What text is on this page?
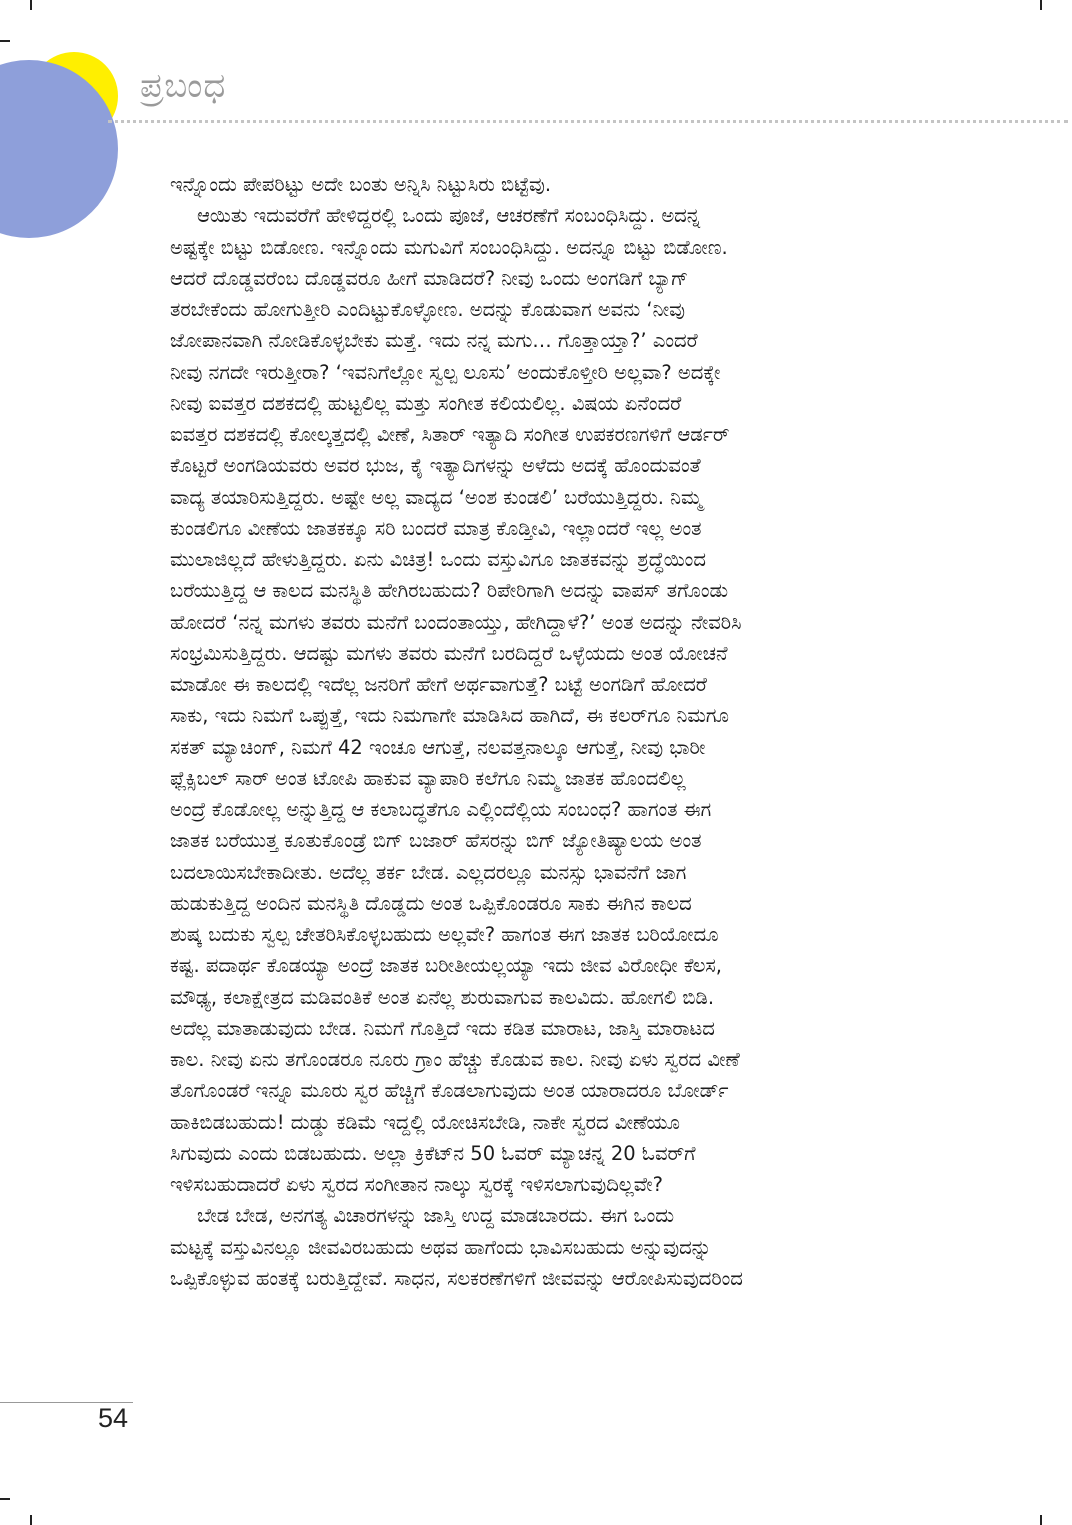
ಪ್ರಬಂಧ
ಇನ್ನೊಂದು ಪೇಪರಿಟ್ಟು ಅದೇ ಬಂತು ಅನ್ನಿಸಿ ನಿಟ್ಟುಸಿರು ಬಿಟ್ಟೆವು.
ಆಯಿತು ಇದುವರೆಗೆ ಹೇಳಿದ್ದರಲ್ಲಿ ಒಂದು ಪೂಜೆ, ಆಚರಣೆಗೆ ಸಂಬಂಧಿಸಿದ್ದು. ಅದನ್ನ
ಅಷ್ಟಕ್ಕೇ ಬಿಟ್ಟು ಬಿಡೋಣ. ಇನ್ನೊಂದು ಮಗುವಿಗೆ ಸಂಬಂಧಿಸಿದ್ದು. ಅದನ್ನೂ ಬಿಟ್ಟು ಬಿಡೋಣ.
ಆದರೆ ದೊಡ್ಡವರೆಂಬ ದೊಡ್ಡವರೂ ಹೀಗೆ ಮಾಡಿದರೆ? ನೀವು ಒಂದು ಅಂಗಡಿಗೆ ಬ್ಯಾಗ್
ತರಬೇಕೆಂದು ಹೋಗುತ್ತೀರಿ ಎಂದಿಟ್ಟುಕೊಳ್ಳೋಣ. ಅದನ್ನು ಕೊಡುವಾಗ ಅವನು ‘ನೀವು
ಜೋಪಾನವಾಗಿ ನೋಡಿಕೊಳ್ಳಬೇಕು ಮತ್ತೆ. ಇದು ನನ್ನ ಮಗು… ಗೊತ್ತಾಯ್ತಾ?’ ಎಂದರೆ
ನೀವು ನಗದೇ ಇರುತ್ತೀರಾ? ‘ಇವನಿಗೆಲ್ಲೋ ಸ್ವಲ್ಪ ಲೂಸು’ ಅಂದುಕೊಳ್ತೀರಿ ಅಲ್ಲವಾ? ಅದಕ್ಕೇ
ನೀವು ಐವತ್ತರ ದಶಕದಲ್ಲಿ ಹುಟ್ಟಲಿಲ್ಲ ಮತ್ತು ಸಂಗೀತ ಕಲಿಯಲಿಲ್ಲ. ವಿಷಯ ಏನೆಂದರೆ
ಐವತ್ತರ ದಶಕದಲ್ಲಿ ಕೋಲ್ಕತ್ತದಲ್ಲಿ ವೀಣೆ, ಸಿತಾರ್ ಇತ್ಯಾದಿ ಸಂಗೀತ ಉಪಕರಣಗಳಿಗೆ ಆರ್ಡರ್
ಕೊಟ್ಟರೆ ಅಂಗಡಿಯವರು ಅವರ ಭುಜ, ಕೈ ಇತ್ಯಾದಿಗಳನ್ನು ಅಳೆದು ಅದಕ್ಕೆ ಹೊಂದುವಂತೆ
ವಾದ್ಯ ತಯಾರಿಸುತ್ತಿದ್ದರು. ಅಷ್ಟೇ ಅಲ್ಲ ವಾದ್ಯದ ‘ಅಂಶ ಕುಂಡಲಿ’ ಬರೆಯುತ್ತಿದ್ದರು. ನಿಮ್ಮ
ಕುಂಡಲಿಗೂ ವೀಣೆಯ ಜಾತಕಕ್ಕೂ ಸರಿ ಬಂದರೆ ಮಾತ್ರ ಕೊಡ್ತೀವಿ, ಇಲ್ಲಾಂದರೆ ಇಲ್ಲ ಅಂತ
ಮುಲಾಜಿಲ್ಲದೆ ಹೇಳುತ್ತಿದ್ದರು. ಏನು ವಿಚಿತ್ರ! ಒಂದು ವಸ್ತುವಿಗೂ ಜಾತಕವನ್ನು ಶ್ರದ್ಧೆಯಿಂದ
ಬರೆಯುತ್ತಿದ್ದ ಆ ಕಾಲದ ಮನಸ್ಥಿತಿ ಹೇಗಿರಬಹುದು? ರಿಪೇರಿಗಾಗಿ ಅದನ್ನು ವಾಪಸ್ ತಗೊಂಡು
ಹೋದರೆ ‘ನನ್ನ ಮಗಳು ತವರು ಮನೆಗೆ ಬಂದಂತಾಯ್ತು, ಹೇಗಿದ್ದಾಳೆ?’ ಅಂತ ಅದನ್ನು ನೇವರಿಸಿ
ಸಂಭ್ರಮಿಸುತ್ತಿದ್ದರು. ಆದಷ್ಟು ಮಗಳು ತವರು ಮನೆಗೆ ಬರದಿದ್ದರೆ ಒಳ್ಳೆಯದು ಅಂತ ಯೋಚನೆ
ಮಾಡೋ ಈ ಕಾಲದಲ್ಲಿ ಇದೆಲ್ಲ ಜನರಿಗೆ ಹೇಗೆ ಅರ್ಥವಾಗುತ್ತೆ? ಬಟ್ಟೆ ಅಂಗಡಿಗೆ ಹೋದರೆ
ಸಾಕು, ಇದು ನಿಮಗೆ ಒಪ್ಪುತ್ತೆ, ಇದು ನಿಮಗಾಗೇ ಮಾಡಿಸಿದ ಹಾಗಿದೆ, ಈ ಕಲರ್‌ಗೂ ನಿಮಗೂ
ಸಕತ್ ಮ್ಯಾಚಿಂಗ್, ನಿಮಗೆ 42 ಇಂಚೂ ಆಗುತ್ತೆ, ನಲವತ್ತನಾಲ್ಕೂ ಆಗುತ್ತೆ, ನೀವು ಭಾರೀ
ಫ್ಲೆಕ್ಸಿಬಲ್ ಸಾರ್ ಅಂತ ಟೋಪಿ ಹಾಕುವ ವ್ಯಾಪಾರಿ ಕಲೆಗೂ ನಿಮ್ಮ ಜಾತಕ ಹೊಂದಲಿಲ್ಲ
ಅಂದ್ರೆ ಕೊಡೋಲ್ಲ ಅನ್ನುತ್ತಿದ್ದ ಆ ಕಲಾಬದ್ಧತೆಗೂ ಎಲ್ಲಿಂದೆಲ್ಲಿಯ ಸಂಬಂಧ? ಹಾಗಂತ ಈಗ
ಜಾತಕ ಬರೆಯುತ್ತ ಕೂತುಕೊಂಡ್ರೆ ಬಿಗ್ ಬಜಾರ್ ಹೆಸರನ್ನು ಬಿಗ್ ಜ್ಯೋತಿಷ್ಯಾಲಯ ಅಂತ
ಬದಲಾಯಿಸಬೇಕಾದೀತು. ಅದೆಲ್ಲ ತರ್ಕ ಬೇಡ. ಎಲ್ಲದರಲ್ಲೂ ಮನಸ್ಸು ಭಾವನೆಗೆ ಜಾಗ
ಹುಡುಕುತ್ತಿದ್ದ ಅಂದಿನ ಮನಸ್ಥಿತಿ ದೊಡ್ಡದು ಅಂತ ಒಪ್ಪಿಕೊಂಡರೂ ಸಾಕು ಈಗಿನ ಕಾಲದ
ಶುಷ್ಕ ಬದುಕು ಸ್ವಲ್ಪ ಚೇತರಿಸಿಕೊಳ್ಳಬಹುದು ಅಲ್ಲವೇ? ಹಾಗಂತ ಈಗ ಜಾತಕ ಬರಿಯೋದೂ
ಕಷ್ಟ. ಪದಾರ್ಥ ಕೊಡಯ್ಯಾ ಅಂದ್ರೆ ಜಾತಕ ಬರೀತೀಯಲ್ಲಯ್ಯಾ ಇದು ಜೀವ ವಿರೋಧೀ ಕೆಲಸ,
ಮೌಢ್ಯ, ಕಲಾಕ್ಷೇತ್ರದ ಮಡಿವಂತಿಕೆ ಅಂತ ಏನೆಲ್ಲ ಶುರುವಾಗುವ ಕಾಲವಿದು. ಹೋಗಲಿ ಬಿಡಿ.
ಅದೆಲ್ಲ ಮಾತಾಡುವುದು ಬೇಡ. ನಿಮಗೆ ಗೊತ್ತಿದೆ ಇದು ಕಡಿತ ಮಾರಾಟ, ಜಾಸ್ತಿ ಮಾರಾಟದ
ಕಾಲ. ನೀವು ಏನು ತಗೊಂಡರೂ ನೂರು ಗ್ರಾಂ ಹೆಚ್ಚು ಕೊಡುವ ಕಾಲ. ನೀವು ಏಳು ಸ್ವರದ ವೀಣೆ
ತೊಗೊಂಡರೆ ಇನ್ನೂ ಮೂರು ಸ್ವರ ಹೆಚ್ಚಿಗೆ ಕೊಡಲಾಗುವುದು ಅಂತ ಯಾರಾದರೂ ಬೋರ್ಡ್
ಹಾಕಿಬಿಡಬಹುದು! ದುಡ್ಡು ಕಡಿಮೆ ಇದ್ದಲ್ಲಿ ಯೋಚಿಸಬೇಡಿ, ನಾಕೇ ಸ್ವರದ ವೀಣೆಯೂ
ಸಿಗುವುದು ಎಂದು ಬಿಡಬಹುದು. ಅಲ್ಲಾ ಕ್ರಿಕೆಟ್‌ನ 50 ಓವರ್ ಮ್ಯಾಚನ್ನ 20 ಓವರ್‌ಗೆ
ಇಳಿಸಬಹುದಾದರೆ ಏಳು ಸ್ವರದ ಸಂಗೀತಾನ ನಾಲ್ಕು ಸ್ವರಕ್ಕೆ ಇಳಿಸಲಾಗುವುದಿಲ್ಲವೇ?
ಬೇಡ ಬೇಡ, ಅನಗತ್ಯ ವಿಚಾರಗಳನ್ನು ಜಾಸ್ತಿ ಉದ್ದ ಮಾಡಬಾರದು. ಈಗ ಒಂದು
ಮಟ್ಟಕ್ಕೆ ವಸ್ತುವಿನಲ್ಲೂ ಜೀವವಿರಬಹುದು ಅಥವ ಹಾಗೆಂದು ಭಾವಿಸಬಹುದು ಅನ್ನುವುದನ್ನು
ಒಪ್ಪಿಕೊಳ್ಳುವ ಹಂತಕ್ಕೆ ಬರುತ್ತಿದ್ದೇವೆ. ಸಾಧನ, ಸಲಕರಣೆಗಳಿಗೆ ಜೀವವನ್ನು ಆರೋಪಿಸುವುದರಿಂದ
54
